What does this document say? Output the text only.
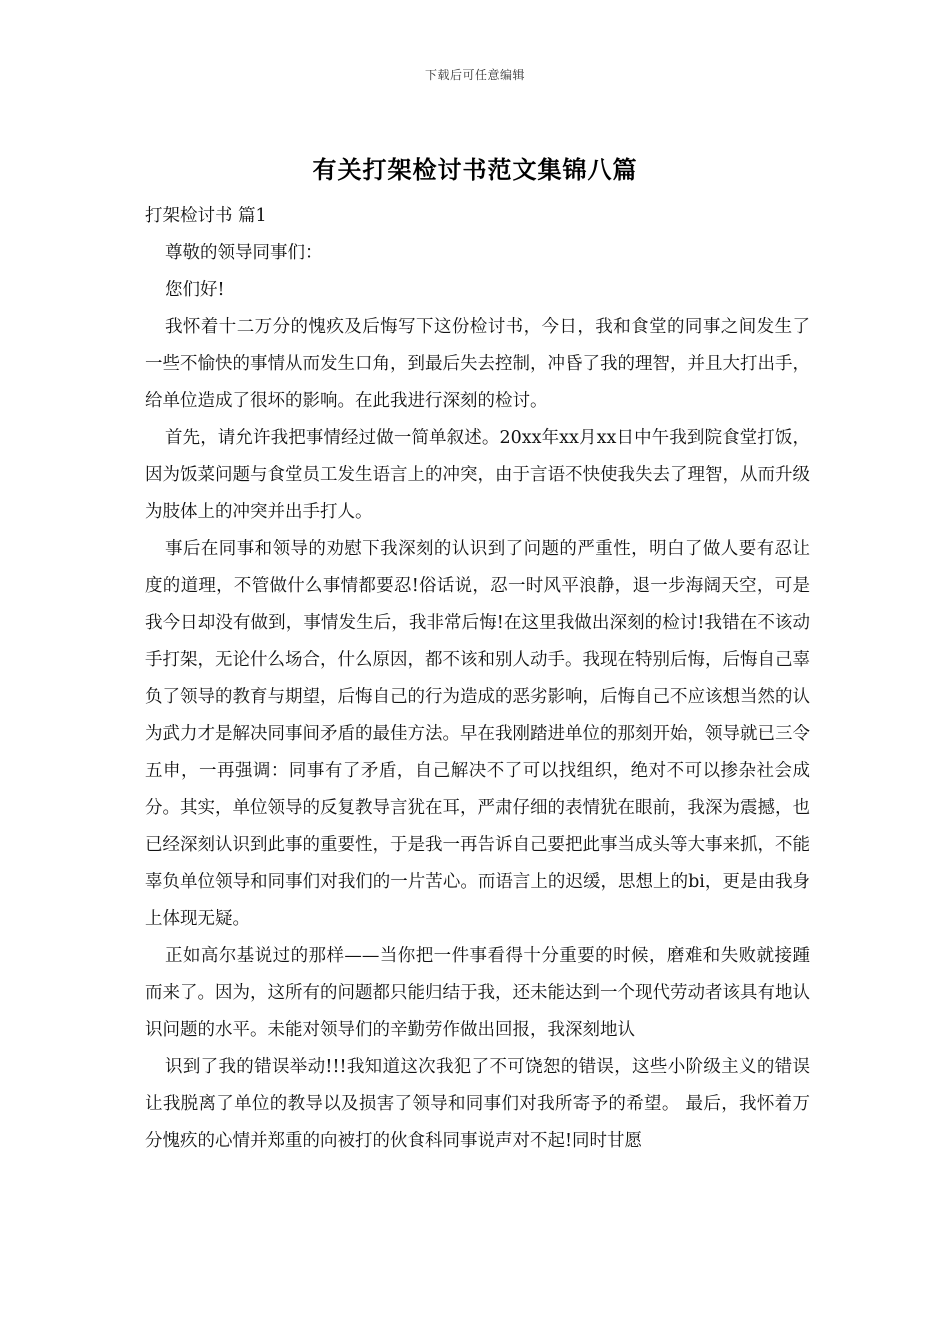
下载后可任意编辑
有关打架检讨书范文集锦八篇

打架检讨书 篇1

尊敬的领导同事们：

您们好!

我怀着十二万分的愧疚及后悔写下这份检讨书，今日，我和食堂的同事之间发生了一些不愉快的事情从而发生口角，到最后失去控制，冲昏了我的理智，并且大打出手，给单位造成了很坏的影响。在此我进行深刻的检讨。

首先，请允许我把事情经过做一简单叙述。20xx年xx月xx日中午我到院食堂打饭，因为饭菜问题与食堂员工发生语言上的冲突，由于言语不快使我失去了理智，从而升级为肢体上的冲突并出手打人。

事后在同事和领导的劝慰下我深刻的认识到了问题的严重性，明白了做人要有忍让度的道理，不管做什么事情都要忍!俗话说，忍一时风平浪静，退一步海阔天空，可是我今日却没有做到，事情发生后，我非常后悔!在这里我做出深刻的检讨!我错在不该动手打架，无论什么场合，什么原因，都不该和别人动手。我现在特别后悔，后悔自己辜负了领导的教育与期望，后悔自己的行为造成的恶劣影响，后悔自己不应该想当然的认为武力才是解决同事间矛盾的最佳方法。早在我刚踏进单位的那刻开始，领导就已三令五申，一再强调：同事有了矛盾，自己解决不了可以找组织，绝对不可以掺杂社会成分。其实，单位领导的反复教导言犹在耳，严肃仔细的表情犹在眼前，我深为震撼，也已经深刻认识到此事的重要性，于是我一再告诉自己要把此事当成头等大事来抓，不能辜负单位领导和同事们对我们的一片苦心。而语言上的迟缓，思想上的bi，更是由我身上体现无疑。

正如高尔基说过的那样——当你把一件事看得十分重要的时候，磨难和失败就接踵而来了。因为，这所有的问题都只能归结于我，还未能达到一个现代劳动者该具有地认识问题的水平。未能对领导们的辛勤劳作做出回报，我深刻地认

识到了我的错误举动!!!我知道这次我犯了不可饶恕的错误，这些小阶级主义的错误让我脱离了单位的教导以及损害了领导和同事们对我所寄予的希望。 最后，我怀着万分愧疚的心情并郑重的向被打的伙食科同事说声对不起!同时甘愿
